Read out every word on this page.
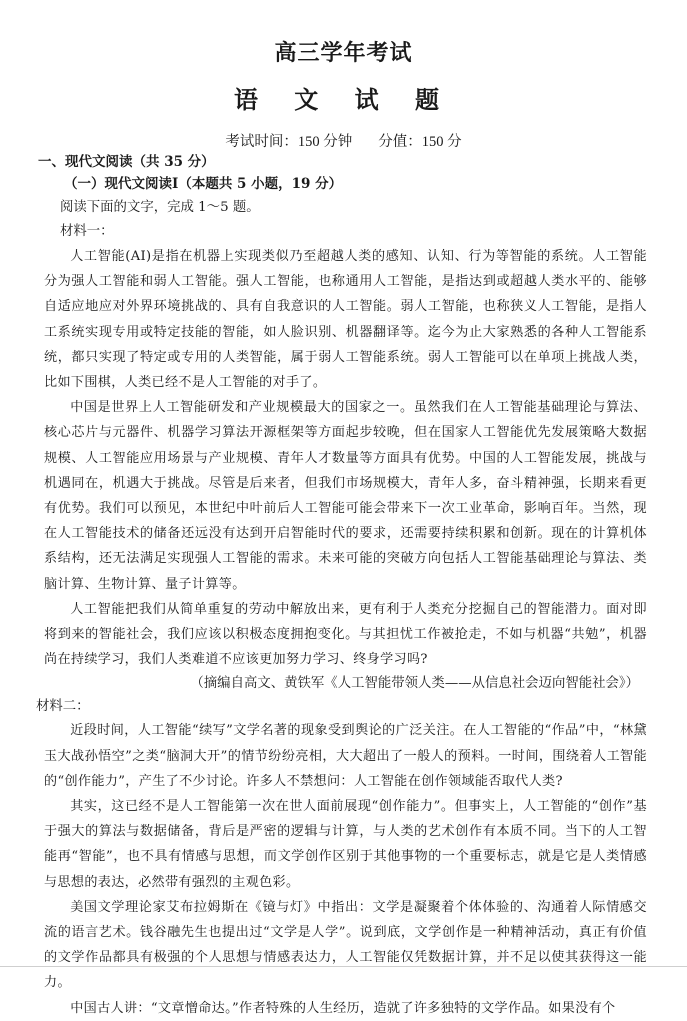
高三学年考试
语 文 试 题
考试时间：150 分钟 分值：150 分
一、现代文阅读（共 35 分）
（一）现代文阅读Ⅰ（本题共 5 小题，19 分）
阅读下面的文字，完成 1～5 题。
材料一：

人工智能(AI)是指在机器上实现类似乃至超越人类的感知、认知、行为等智能的系统。人工智能分为强人工智能和弱人工智能。强人工智能，也称通用人工智能，是指达到或超越人类水平的、能够自适应地应对外界环境挑战的、具有自我意识的人工智能。弱人工智能，也称狭义人工智能，是指人工系统实现专用或特定技能的智能，如人脸识别、机器翻译等。迄今为止大家熟悉的各种人工智能系统，都只实现了特定或专用的人类智能，属于弱人工智能系统。弱人工智能可以在单项上挑战人类，比如下围棋，人类已经不是人工智能的对手了。

中国是世界上人工智能研发和产业规模最大的国家之一。虽然我们在人工智能基础理论与算法、核心芯片与元器件、机器学习算法开源框架等方面起步较晚，但在国家人工智能优先发展策略大数据规模、人工智能应用场景与产业规模、青年人才数量等方面具有优势。中国的人工智能发展，挑战与机遇同在，机遇大于挑战。尽管是后来者，但我们市场规模大，青年人多，奋斗精神强，长期来看更有优势。我们可以预见，本世纪中叶前后人工智能可能会带来下一次工业革命，影响百年。当然，现在人工智能技术的储备还远没有达到开启智能时代的要求，还需要持续积累和创新。现在的计算机体系结构，还无法满足实现强人工智能的需求。未来可能的突破方向包括人工智能基础理论与算法、类脑计算、生物计算、量子计算等。

人工智能把我们从简单重复的劳动中解放出来，更有利于人类充分挖掘自己的智能潜力。面对即将到来的智能社会，我们应该以积极态度拥抱变化。与其担忧工作被抢走，不如与机器“共勉”，机器尚在持续学习，我们人类难道不应该更加努力学习、终身学习吗?

（摘编自高文、黄铁军《人工智能带领人类——从信息社会迈向智能社会》）
材料二：

近段时间，人工智能“续写”文学名著的现象受到舆论的广泛关注。在人工智能的“作品”中，“林黛玉大战孙悟空”之类“脑洞大开”的情节纷纷亮相，大大超出了一般人的预料。一时间，围绕着人工智能的“创作能力”，产生了不少讨论。许多人不禁想问：人工智能在创作领域能否取代人类?

其实，这已经不是人工智能第一次在世人面前展现“创作能力”。但事实上，人工智能的“创作”基于强大的算法与数据储备，背后是严密的逻辑与计算，与人类的艺术创作有本质不同。当下的人工智能再“智能”，也不具有情感与思想，而文学创作区别于其他事物的一个重要标志，就是它是人类情感与思想的表达，必然带有强烈的主观色彩。

美国文学理论家艾布拉姆斯在《镜与灯》中指出：文学是凝聚着个体体验的、沟通着人际情感交流的语言艺术。钱谷融先生也提出过“文学是人学”。说到底，文学创作是一种精神活动，真正有价值的文学作品都具有极强的个人思想与情感表达力，人工智能仅凭数据计算，并不足以使其获得这一能力。

中国古人讲：“文章憎命达。”作者特殊的人生经历，造就了许多独特的文学作品。如果没有个
